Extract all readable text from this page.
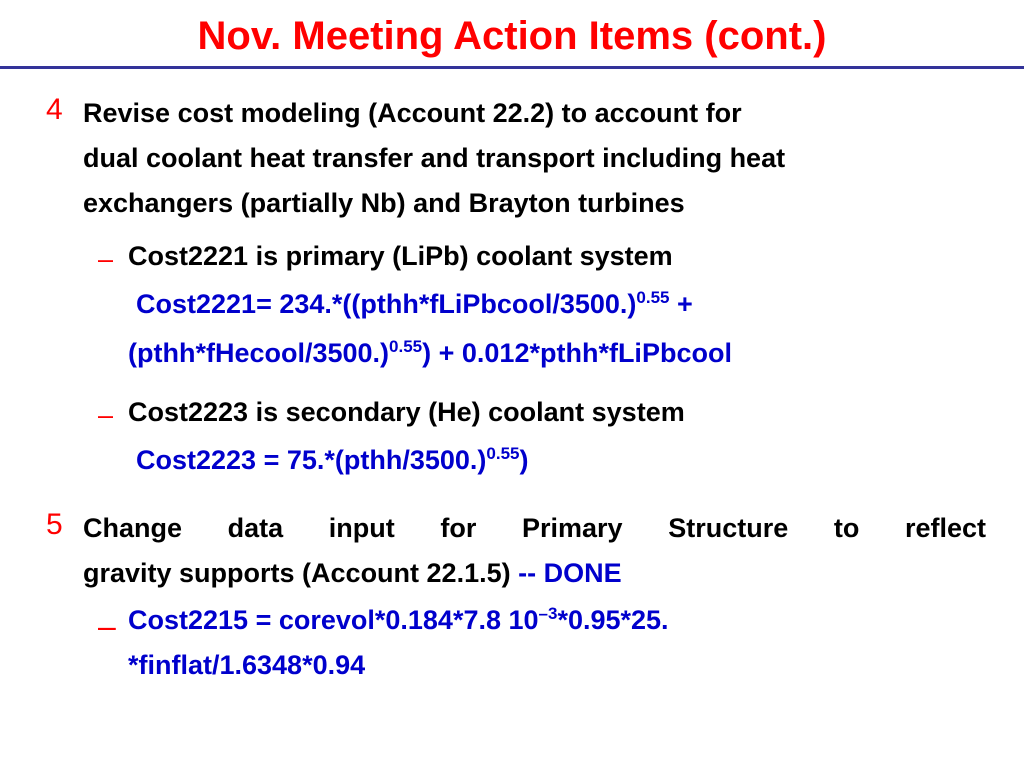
Nov. Meeting Action Items (cont.)
4 Revise cost modeling (Account 22.2) to account for
dual coolant heat transfer and transport including heat
exchangers (partially Nb) and Brayton turbines
– Cost2221 is primary (LiPb) coolant system
Cost2221= 234.*((pthh*fLiPbcool/3500.)$^{0.55}$ +
(pthh*fHecool/3500.)$^{0.55}$) + 0.012*pthh*fLiPbcool
– Cost2223 is secondary (He) coolant system
Cost2223 = 75.*(pthh/3500.)$^{0.55}$)
5 Change data input for Primary Structure to reflect
gravity supports (Account 22.1.5) -- DONE
– Cost2215 = corevol*0.184*7.8 $10^{-3}*0.95*25$.
*finflat/1.6348*0.94
